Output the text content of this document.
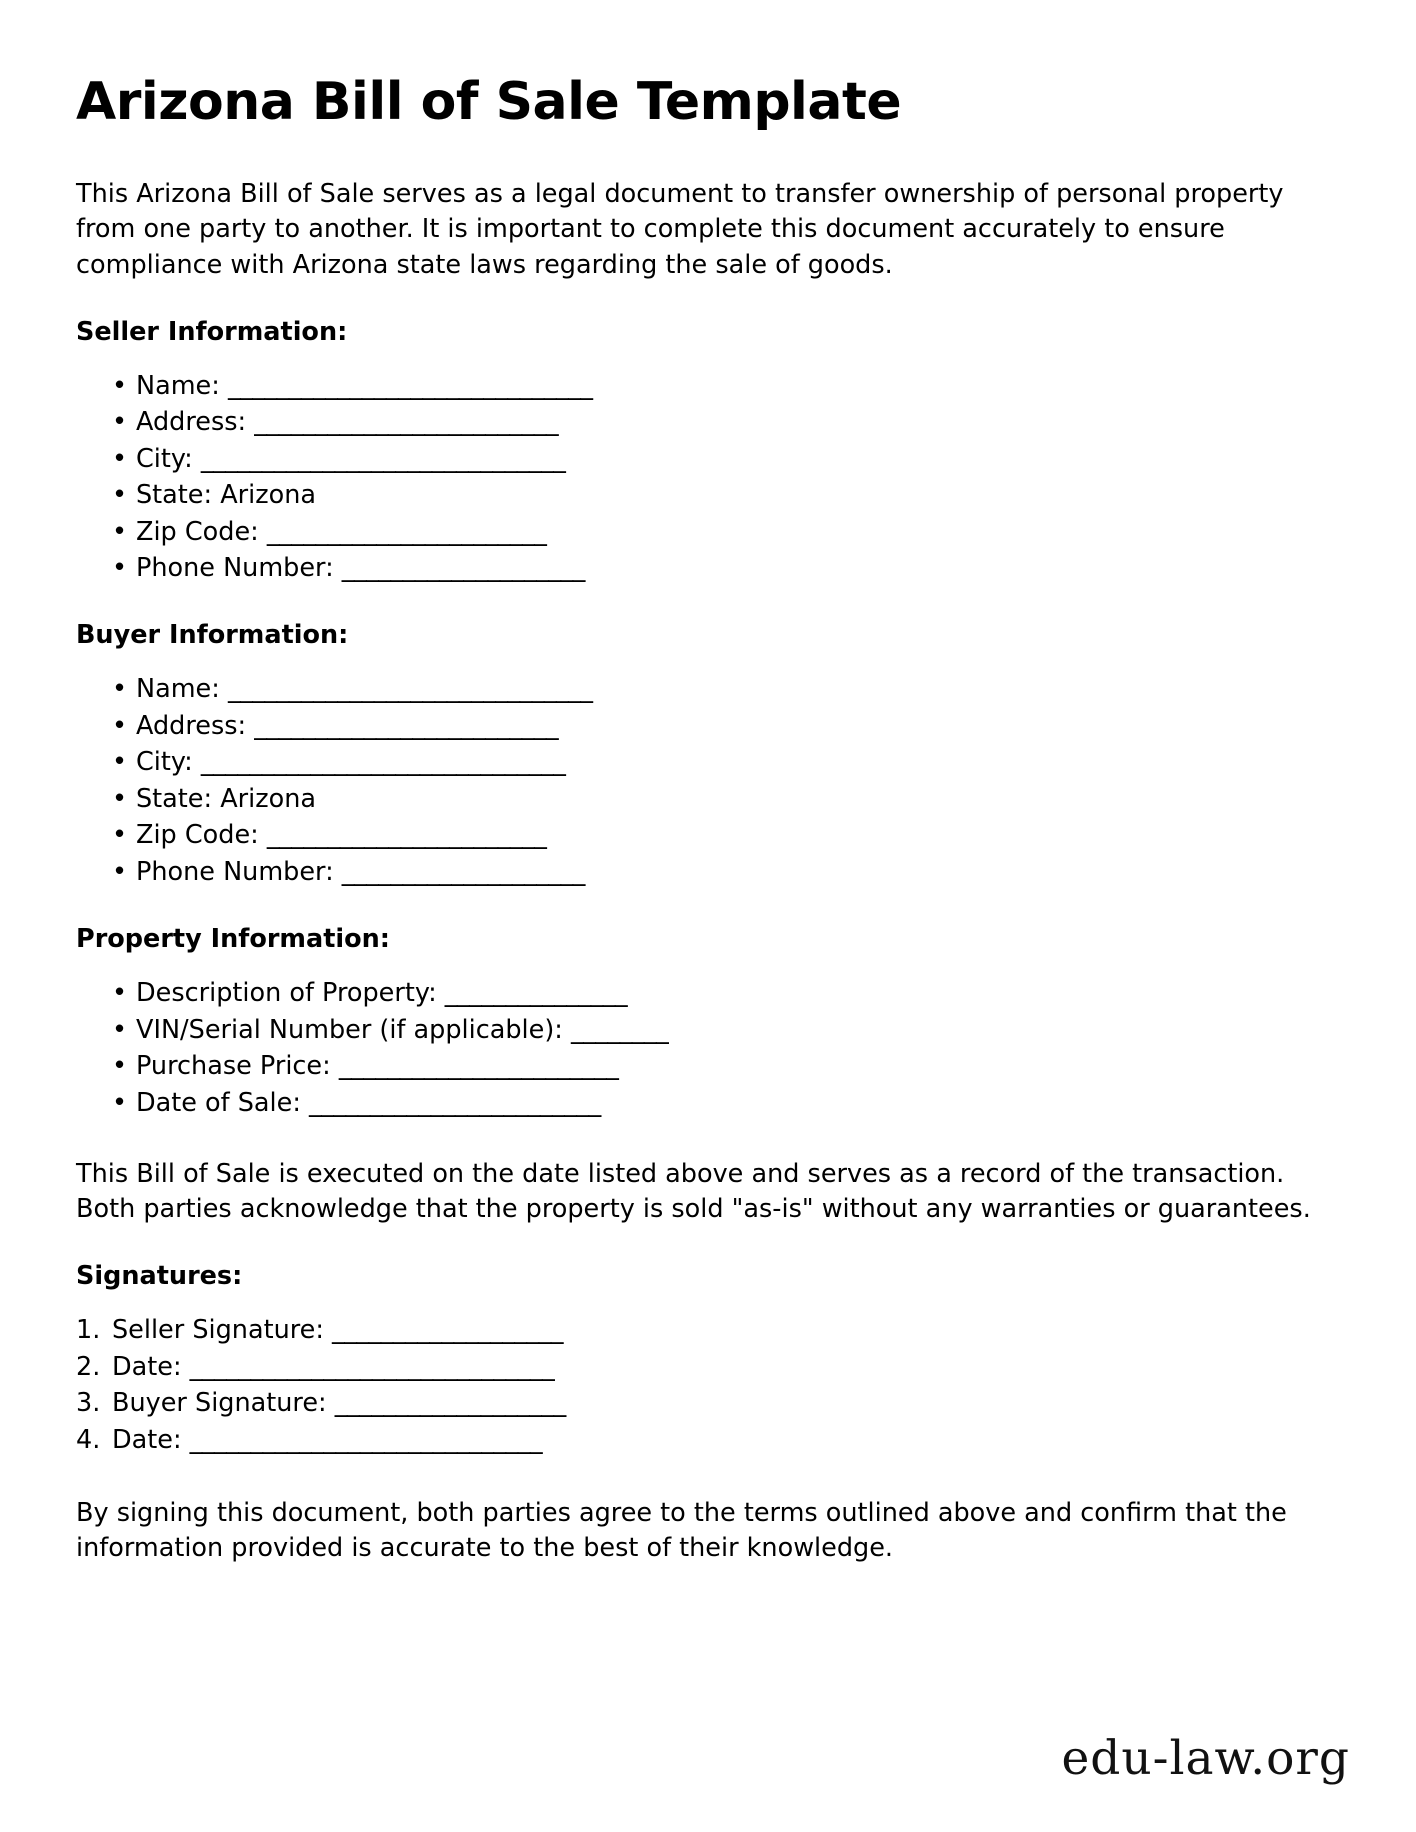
Arizona Bill of Sale Template

This Arizona Bill of Sale serves as a legal document to transfer ownership of personal property from one party to another. It is important to complete this document accurately to ensure compliance with Arizona state laws regarding the sale of goods.

Seller Information:
• Name: ______________________________
• Address: _________________________
• City: ______________________________
• State: Arizona
• Zip Code: _______________________
• Phone Number: ____________________
Buyer Information:
• Name: ______________________________
• Address: _________________________
• City: ______________________________
• State: Arizona
• Zip Code: _______________________
• Phone Number: ____________________
Property Information:
• Description of Property: _______________
• VIN/Serial Number (if applicable): ________
• Purchase Price: _______________________
• Date of Sale: ________________________

This Bill of Sale is executed on the date listed above and serves as a record of the transaction. Both parties acknowledge that the property is sold "as-is" without any warranties or guarantees.

Signatures:
Seller Signature: ___________________
Date: ______________________________
Buyer Signature: ___________________
Date: _____________________________

By signing this document, both parties agree to the terms outlined above and confirm that the information provided is accurate to the best of their knowledge.

edu-law.org
